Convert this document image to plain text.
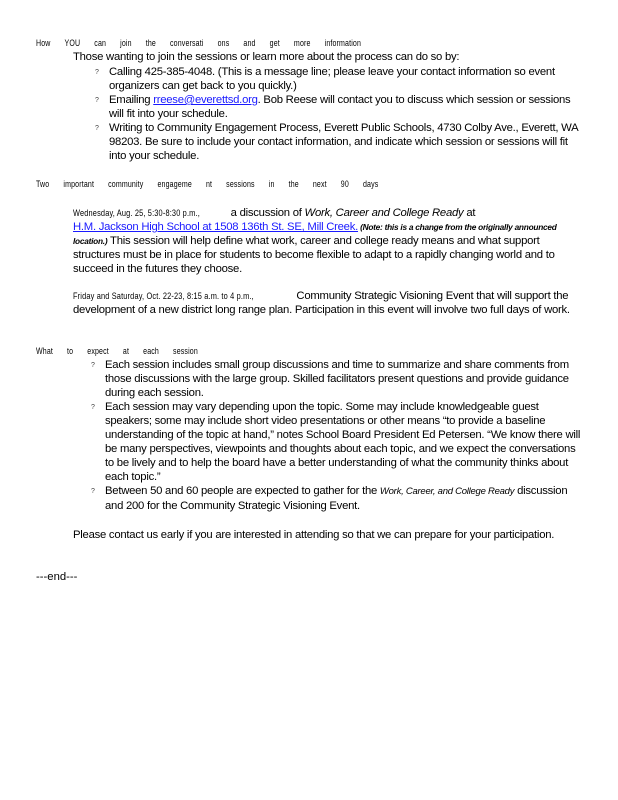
How YOU can join the conversati ons and get more information
Those wanting to join the sessions or learn more about the process can do so by:
? Calling 425-385-4048. (This is a message line; please leave your contact information so event organizers can get back to you quickly.)
? Emailing rreese@everettsd.org. Bob Reese will contact you to discuss which session or sessions will fit into your schedule.
? Writing to Community Engagement Process, Everett Public Schools, 4730 Colby Ave., Everett, WA 98203. Be sure to include your contact information, and indicate which session or sessions will fit into your schedule.
Two important community engageme nt sessions in the next 90 days
Wednesday, Aug. 25, 5:30-8:30 p.m., a discussion of Work, Career and College Ready at
H.M. Jackson High School at 1508 136th St. SE, Mill Creek. (Note: this is a change from the originally announced location.) This session will help define what work, career and college ready means and what support structures must be in place for students to become flexible to adapt to a rapidly changing world and to succeed in the futures they choose.
Friday and Saturday, Oct. 22-23, 8:15 a.m. to 4 p.m.,	Community Strategic Visioning Event that will support the development of a new district long range plan. Participation in this event will involve two full days of work.
What to expect at each session
? Each session includes small group discussions and time to summarize and share comments from those discussions with the large group. Skilled facilitators present questions and provide guidance during each session.
? Each session may vary depending upon the topic. Some may include knowledgeable guest speakers; some may include short video presentations or other means “to provide a baseline understanding of the topic at hand,” notes School Board President Ed Petersen. “We know there will be many perspectives, viewpoints and thoughts about each topic, and we expect the conversations to be lively and to help the board have a better understanding of what the community thinks about each topic.”
? Between 50 and 60 people are expected to gather for the Work, Career, and College Ready discussion and 200 for the Community Strategic Visioning Event.
Please contact us early if you are interested in attending so that we can prepare for your participation.
---end---
